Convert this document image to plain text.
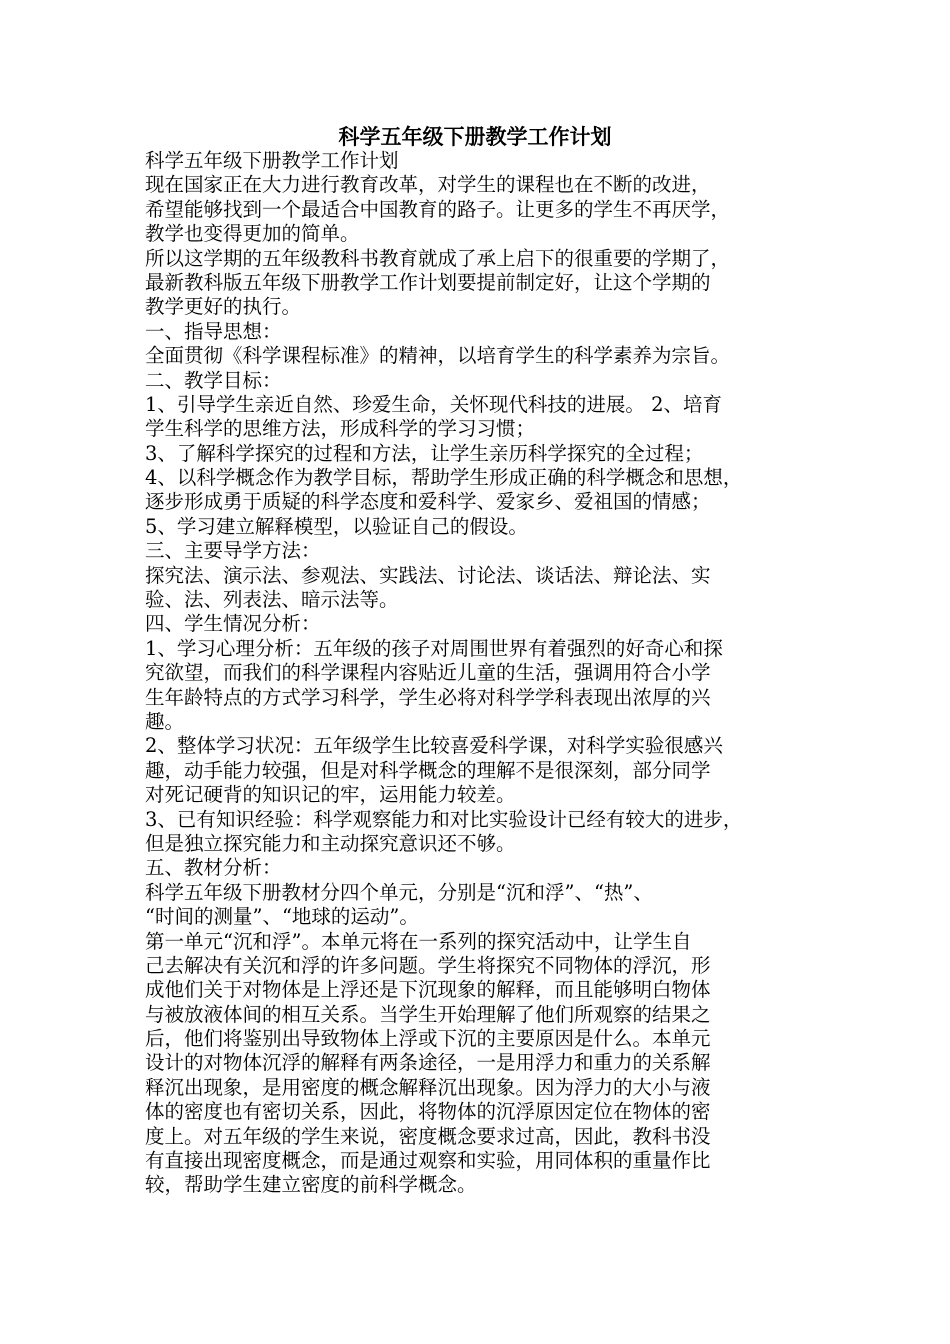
科学五年级下册教学工作计划
科学五年级下册教学工作计划
现在国家正在大力进行教育改革，对学生的课程也在不断的改进，
希望能够找到一个最适合中国教育的路子。让更多的学生不再厌学，
教学也变得更加的简单。
所以这学期的五年级教科书教育就成了承上启下的很重要的学期了，
最新教科版五年级下册教学工作计划要提前制定好，让这个学期的
教学更好的执行。
一、指导思想：
全面贯彻《科学课程标准》的精神，以培育学生的科学素养为宗旨。
二、教学目标：
1、引导学生亲近自然、珍爱生命，关怀现代科技的进展。 2、培育
学生科学的思维方法，形成科学的学习习惯；
3、了解科学探究的过程和方法，让学生亲历科学探究的全过程；
4、以科学概念作为教学目标，帮助学生形成正确的科学概念和思想，
逐步形成勇于质疑的科学态度和爱科学、爱家乡、爱祖国的情感；
5、学习建立解释模型，以验证自己的假设。
三、主要导学方法：
探究法、演示法、参观法、实践法、讨论法、谈话法、辩论法、实
验、法、列表法、暗示法等。
四、学生情况分析：
1、学习心理分析：五年级的孩子对周围世界有着强烈的好奇心和探
究欲望，而我们的科学课程内容贴近儿童的生活，强调用符合小学
生年龄特点的方式学习科学，学生必将对科学学科表现出浓厚的兴
趣。
2、整体学习状况：五年级学生比较喜爱科学课，对科学实验很感兴
趣，动手能力较强，但是对科学概念的理解不是很深刻，部分同学
对死记硬背的知识记的牢，运用能力较差。
3、已有知识经验：科学观察能力和对比实验设计已经有较大的进步，
但是独立探究能力和主动探究意识还不够。
五、教材分析：
科学五年级下册教材分四个单元，分别是“沉和浮”、“热”、
“时间的测量”、“地球的运动”。
第一单元“沉和浮”。本单元将在一系列的探究活动中，让学生自
己去解决有关沉和浮的许多问题。学生将探究不同物体的浮沉，形
成他们关于对物体是上浮还是下沉现象的解释，而且能够明白物体
与被放液体间的相互关系。当学生开始理解了他们所观察的结果之
后，他们将鉴别出导致物体上浮或下沉的主要原因是什么。本单元
设计的对物体沉浮的解释有两条途径，一是用浮力和重力的关系解
释沉出现象，是用密度的概念解释沉出现象。因为浮力的大小与液
体的密度也有密切关系，因此，将物体的沉浮原因定位在物体的密
度上。对五年级的学生来说，密度概念要求过高，因此，教科书没
有直接出现密度概念，而是通过观察和实验，用同体积的重量作比
较，帮助学生建立密度的前科学概念。
